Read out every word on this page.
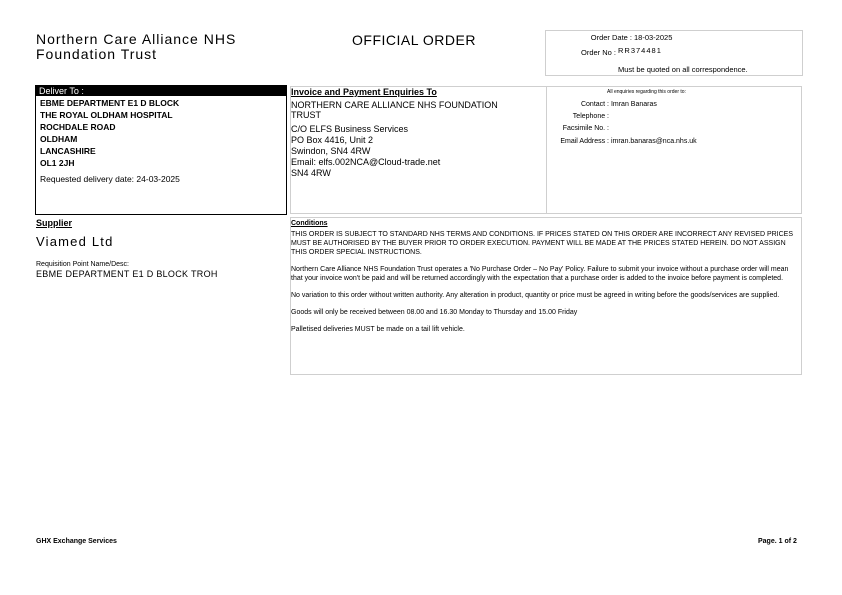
Northern Care Alliance NHS
Foundation Trust
OFFICIAL ORDER	Order Date : 18-03-2025
Order No : RR374481
Must be quoted on all correspondence.
Deliver To :
EBME DEPARTMENT E1 D BLOCK
THE ROYAL OLDHAM HOSPITAL
ROCHDALE ROAD
OLDHAM
LANCASHIRE
OL1 2JH
Requested delivery date: 24-03-2025
Invoice and Payment Enquiries To
NORTHERN CARE ALLIANCE NHS FOUNDATION
TRUST
C/O ELFS Business Services
PO Box 4416, Unit 2
Swindon, SN4 4RW
Email: elfs.002NCA@Cloud-trade.net
SN4 4RW
All enquiries regarding this order to:
Contact : Imran Banaras
Telephone :
Facsimile No. :
Email Address : imran.banaras@nca.nhs.uk
Supplier
Viamed Ltd
Requisition Point Name/Desc:
EBME DEPARTMENT E1 D BLOCK TROH
Conditions

THIS ORDER IS SUBJECT TO STANDARD NHS TERMS AND CONDITIONS. IF PRICES STATED ON THIS ORDER ARE INCORRECT ANY REVISED PRICES MUST BE AUTHORISED BY THE BUYER PRIOR TO ORDER EXECUTION. PAYMENT WILL BE MADE AT THE PRICES STATED HEREIN. DO NOT ASSIGN THIS ORDER SPECIAL INSTRUCTIONS.

Northern Care Alliance NHS Foundation Trust operates a 'No Purchase Order – No Pay' Policy. Failure to submit your invoice without a purchase order will mean that your invoice won't be paid and will be returned accordingly with the expectation that a purchase order is added to the invoice before payment is completed.

No variation to this order without written authority. Any alteration in product, quantity or price must be agreed in writing before the goods/services are supplied.

Goods will only be received between 08.00 and 16.30 Monday to Thursday and 15.00 Friday

Palletised deliveries MUST be made on a tail lift vehicle.

GHX Exchange Services	Page. 1 of 2
